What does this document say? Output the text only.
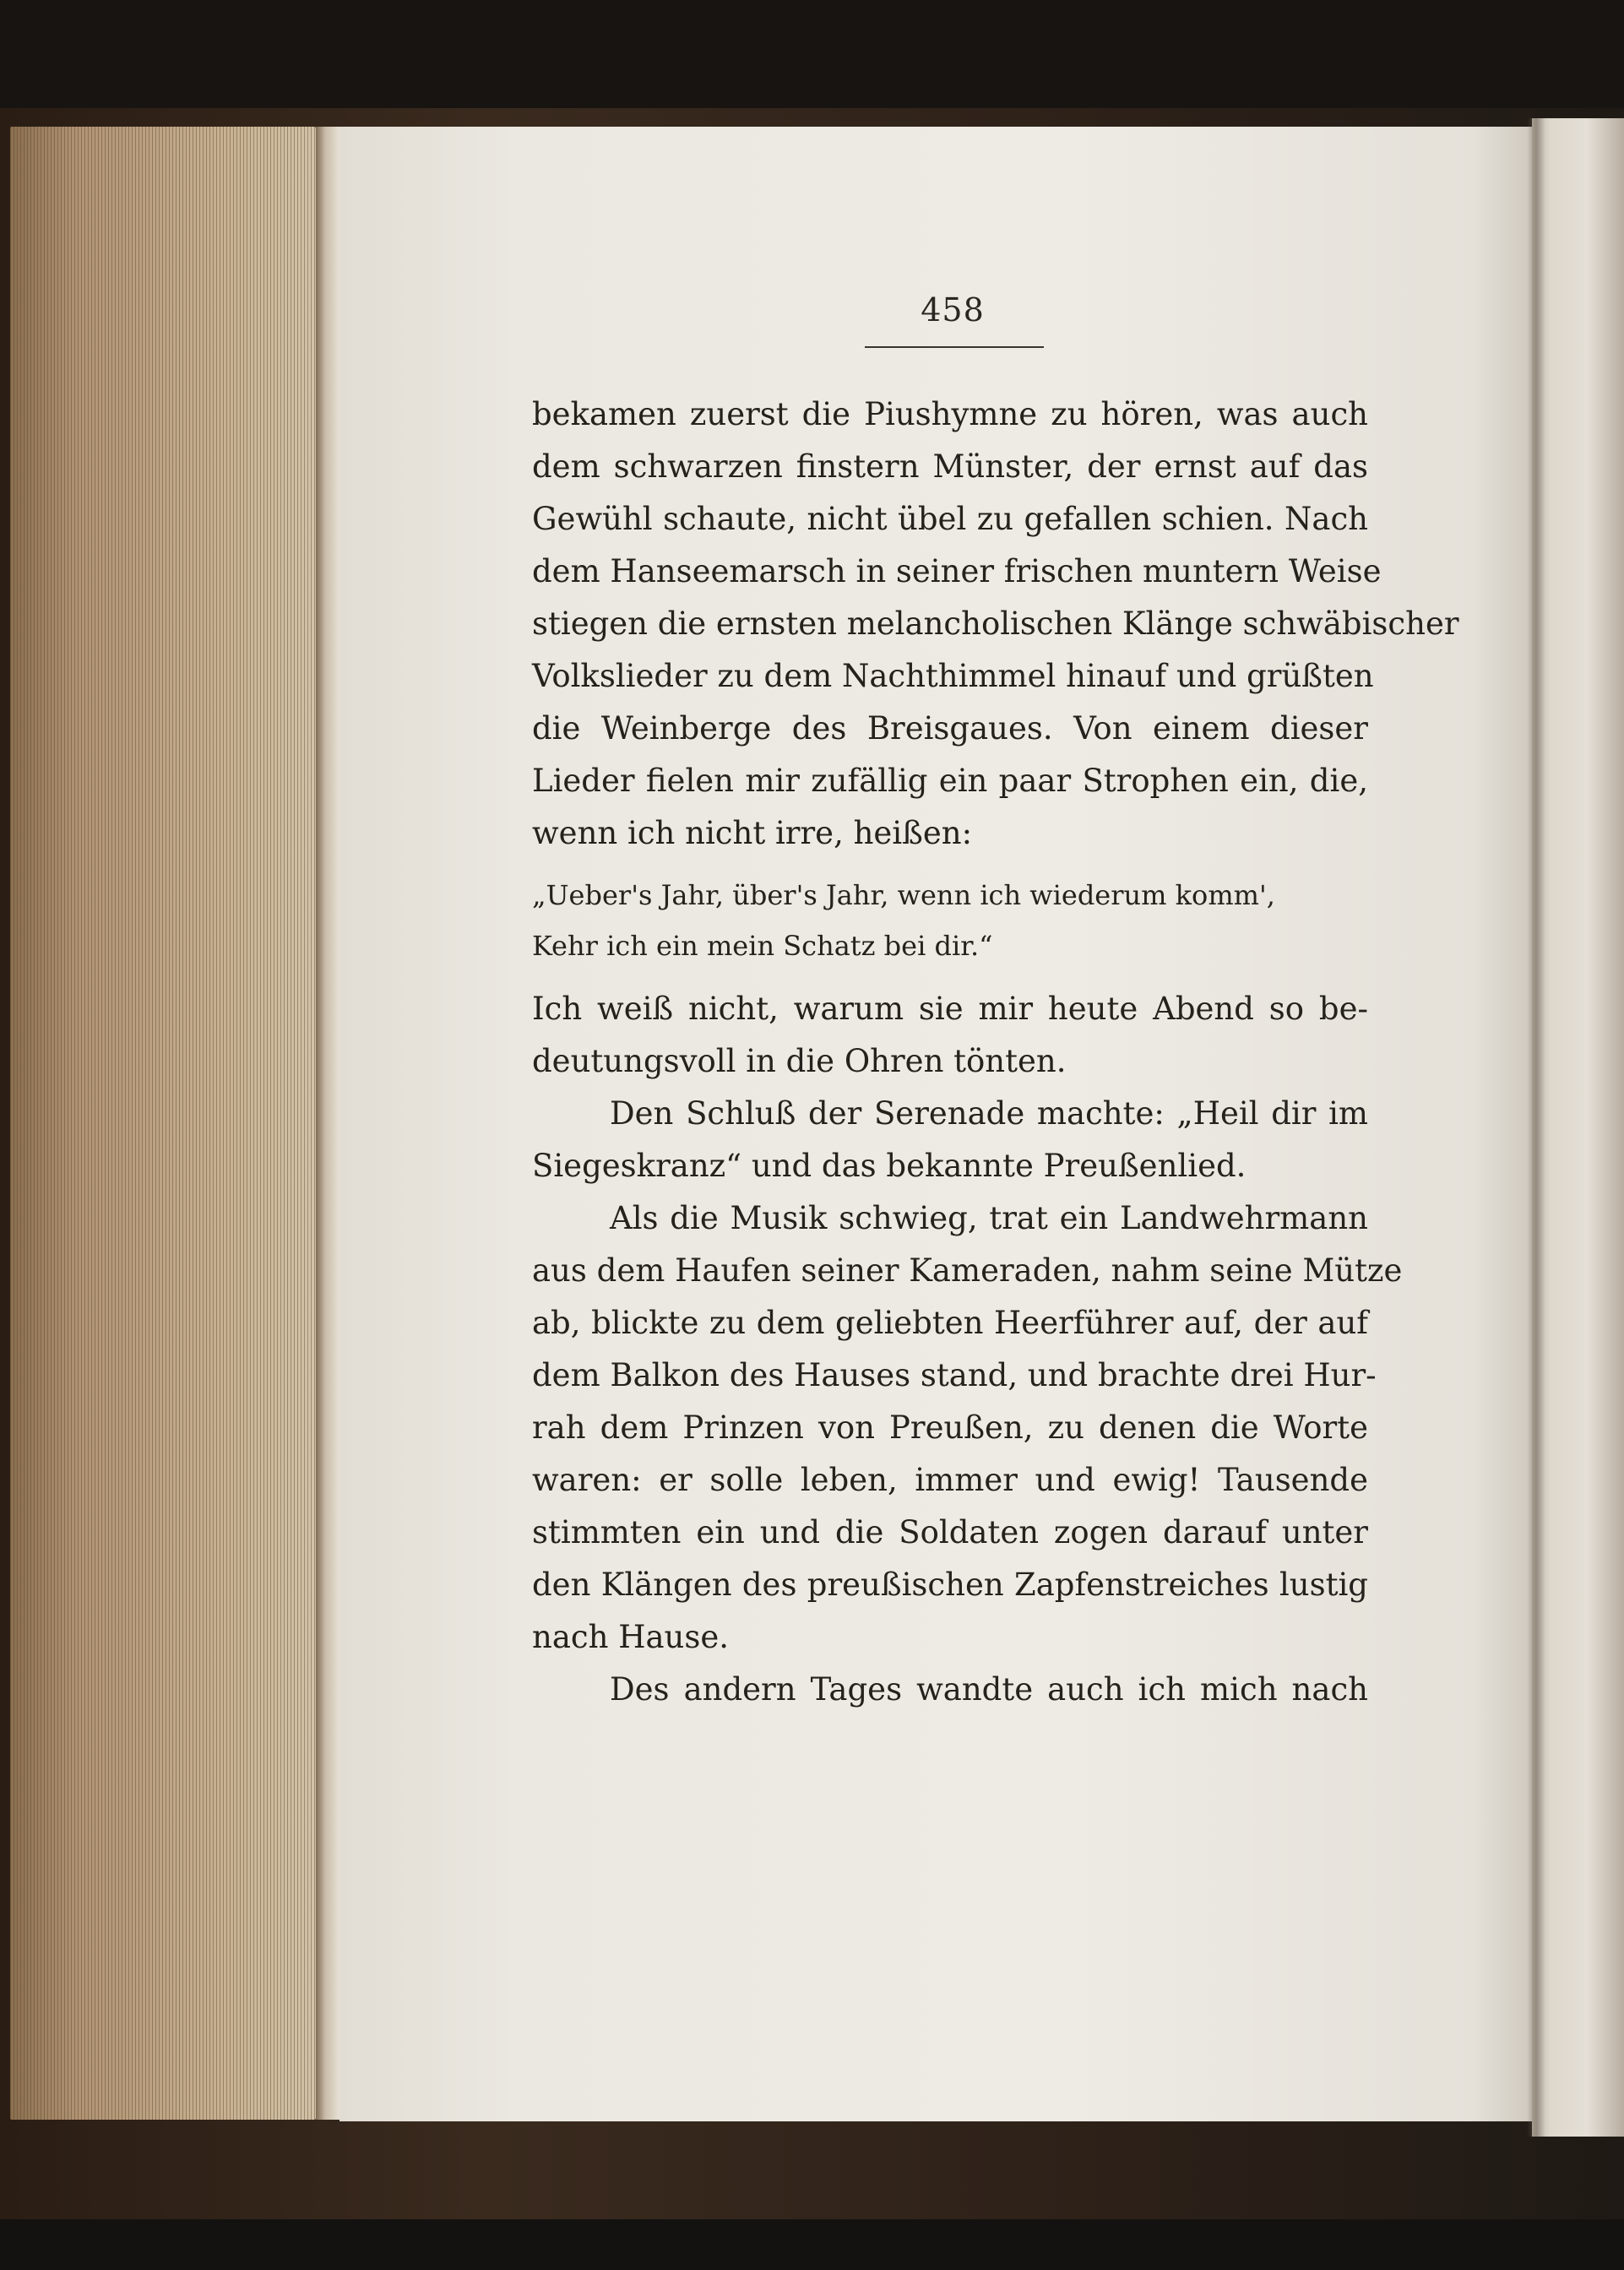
458
bekamen zuerst die Piushymne zu hören, was auch
dem schwarzen finstern Münster, der ernst auf das
Gewühl schaute, nicht übel zu gefallen schien. Nach
dem Hanseemarsch in seiner frischen muntern Weise
stiegen die ernsten melancholischen Klänge schwäbischer
Volkslieder zu dem Nachthimmel hinauf und grüßten
die Weinberge des Breisgaues. Von einem dieser
Lieder fielen mir zufällig ein paar Strophen ein, die,
wenn ich nicht irre, heißen:
„Ueber's Jahr, über's Jahr, wenn ich wiederum komm',
Kehr ich ein mein Schatz bei dir.“
Ich weiß nicht, warum sie mir heute Abend so be-
deutungsvoll in die Ohren tönten.
Den Schluß der Serenade machte: „Heil dir im
Siegeskranz“ und das bekannte Preußenlied.
Als die Musik schwieg, trat ein Landwehrmann
aus dem Haufen seiner Kameraden, nahm seine Mütze
ab, blickte zu dem geliebten Heerführer auf, der auf
dem Balkon des Hauses stand, und brachte drei Hur-
rah dem Prinzen von Preußen, zu denen die Worte
waren: er solle leben, immer und ewig! Tausende
stimmten ein und die Soldaten zogen darauf unter
den Klängen des preußischen Zapfenstreiches lustig
nach Hause.
Des andern Tages wandte auch ich mich nach
